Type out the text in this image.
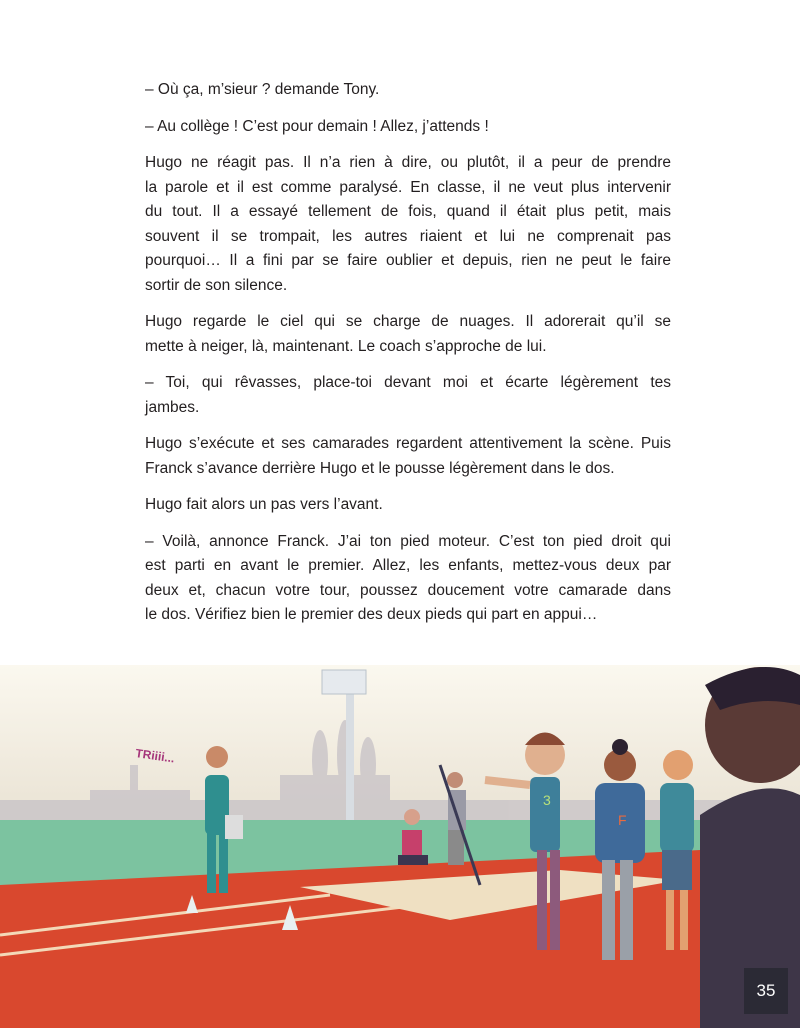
– Où ça, m’sieur ? demande Tony.
– Au collège ! C’est pour demain ! Allez, j’attends !
Hugo ne réagit pas. Il n’a rien à dire, ou plutôt, il a peur de prendre
la parole et il est comme paralysé. En classe, il ne veut plus intervenir
du tout. Il a essayé tellement de fois, quand il était plus petit, mais
souvent il se trompait, les autres riaient et lui ne comprenait pas
pourquoi… Il a fini par se faire oublier et depuis, rien ne peut le faire
sortir de son silence.
Hugo regarde le ciel qui se charge de nuages. Il adorerait qu’il se
mette à neiger, là, maintenant. Le coach s’approche de lui.
– Toi, qui rêvasses, place-toi devant moi et écarte légèrement tes
jambes.
Hugo s’exécute et ses camarades regardent attentivement la scène. Puis
Franck s’avance derrière Hugo et le pousse légèrement dans le dos.
Hugo fait alors un pas vers l’avant.
– Voilà, annonce Franck. J’ai ton pied moteur. C’est ton pied droit qui
est parti en avant le premier. Allez, les enfants, mettez-vous deux par
deux et, chacun votre tour, poussez doucement votre camarade dans
le dos. Vérifiez bien le premier des deux pieds qui part en appui…
TRiiii...
3
F
35
